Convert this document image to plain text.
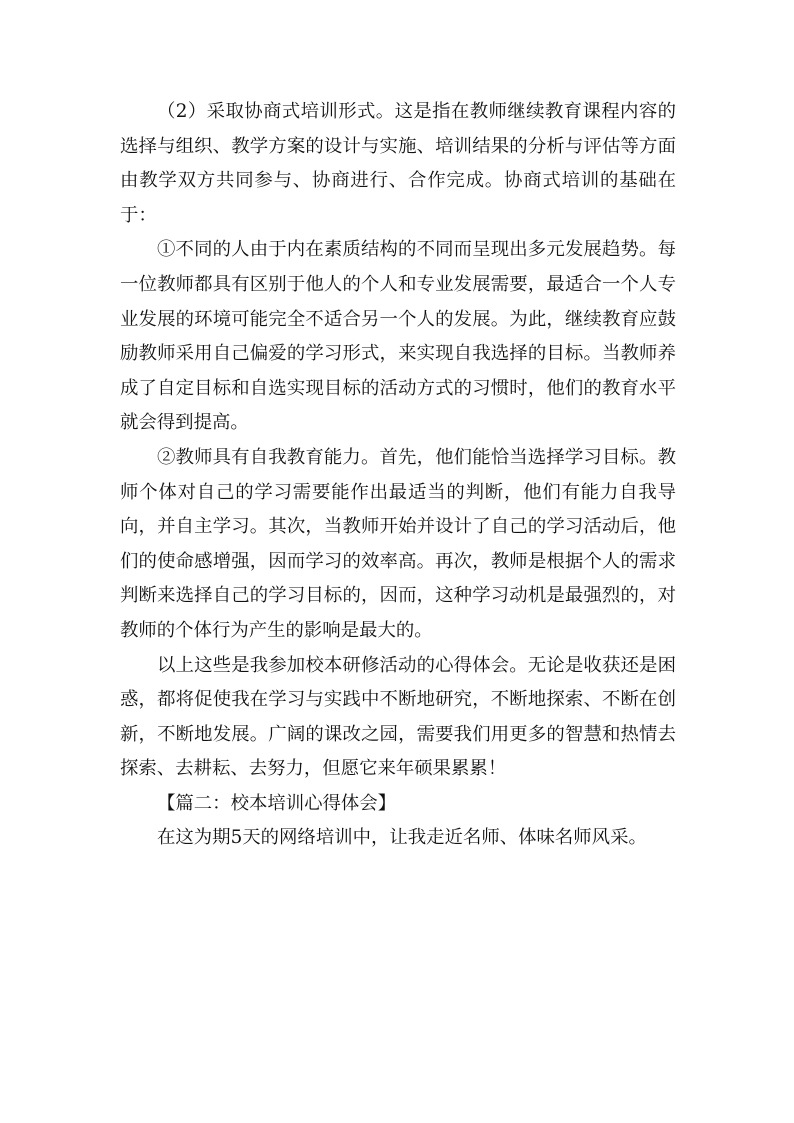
（2）采取协商式培训形式。这是指在教师继续教育课程内容的选择与组织、教学方案的设计与实施、培训结果的分析与评估等方面由教学双方共同参与、协商进行、合作完成。协商式培训的基础在于：

①不同的人由于内在素质结构的不同而呈现出多元发展趋势。每一位教师都具有区别于他人的个人和专业发展需要，最适合一个人专业发展的环境可能完全不适合另一个人的发展。为此，继续教育应鼓励教师采用自己偏爱的学习形式，来实现自我选择的目标。当教师养成了自定目标和自选实现目标的活动方式的习惯时，他们的教育水平就会得到提高。

②教师具有自我教育能力。首先，他们能恰当选择学习目标。教师个体对自己的学习需要能作出最适当的判断，他们有能力自我导向，并自主学习。其次，当教师开始并设计了自己的学习活动后，他们的使命感增强，因而学习的效率高。再次，教师是根据个人的需求判断来选择自己的学习目标的，因而，这种学习动机是最强烈的，对教师的个体行为产生的影响是最大的。

以上这些是我参加校本研修活动的心得体会。无论是收获还是困惑，都将促使我在学习与实践中不断地研究，不断地探索、不断在创新，不断地发展。广阔的课改之园，需要我们用更多的智慧和热情去探索、去耕耘、去努力，但愿它来年硕果累累！

【篇二：校本培训心得体会】

在这为期5天的网络培训中，让我走近名师、体味名师风采。
